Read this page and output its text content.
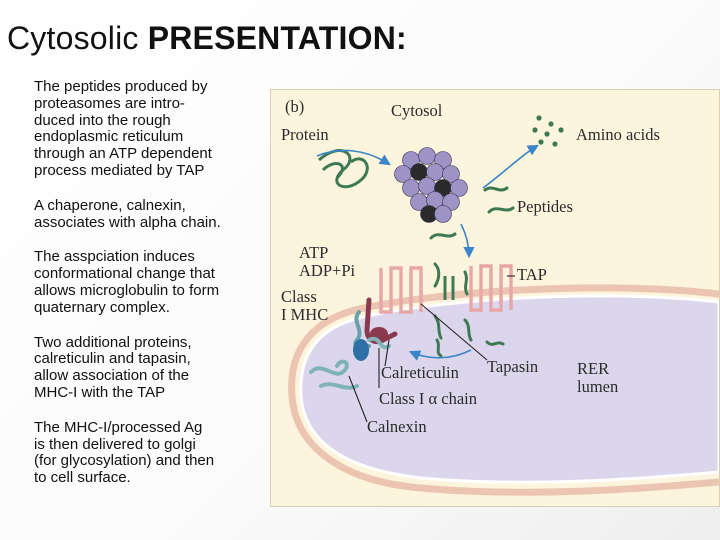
Cytosolic PRESENTATION:

The peptides produced by
proteasomes are intro-
duced into the rough
endoplasmic reticulum
through an ATP dependent
process mediated by TAP

A chaperone, calnexin,
associates with alpha chain.

The asspciation induces
conformational change that
allows microglobulin to form
quaternary complex.

Two additional proteins,
calreticulin and tapasin,
allow association of the
MHC-I with the TAP

The MHC-I/processed Ag
is then delivered to golgi
(for glycosylation) and then
to cell surface.

(b)	Cytosol
Protein	Amino acids
Peptides
ATP
ADP+Pi	TAP
Class
I MHC
Tapasin RER
lumen
Calreticulin
Class I α chain
Calnexin
